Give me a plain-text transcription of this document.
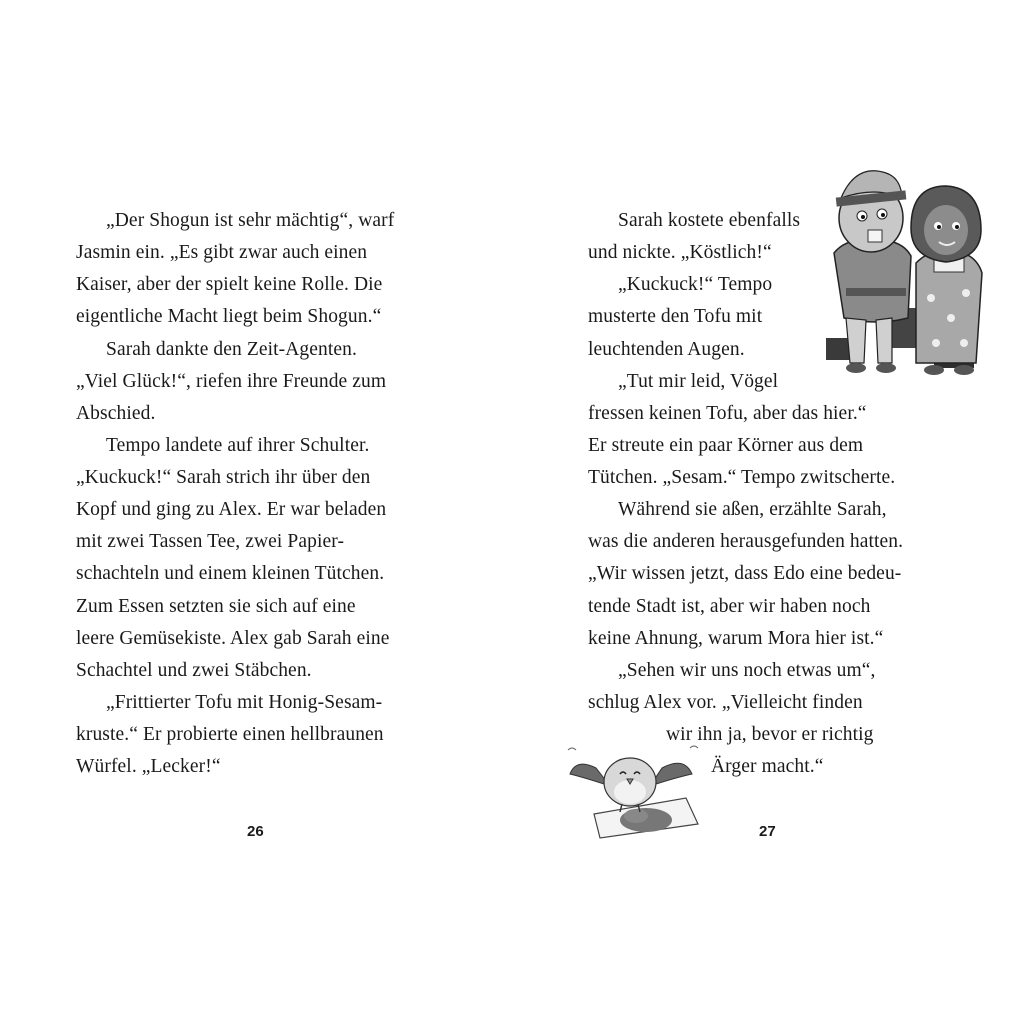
„Der Shogun ist sehr mächtig“, warf
Jasmin ein. „Es gibt zwar auch einen
Kaiser, aber der spielt keine Rolle. Die
eigentliche Macht liegt beim Shogun.“
Sarah dankte den Zeit-Agenten.
„Viel Glück!“, riefen ihre Freunde zum
Abschied.
Tempo landete auf ihrer Schulter.
„Kuckuck!“ Sarah strich ihr über den
Kopf und ging zu Alex. Er war beladen
mit zwei Tassen Tee, zwei Papier-
schachteln und einem kleinen Tütchen.
Zum Essen setzten sie sich auf eine
leere Gemüsekiste. Alex gab Sarah eine
Schachtel und zwei Stäbchen.
„Frittierter Tofu mit Honig-Sesam-
kruste.“ Er probierte einen hellbraunen
Würfel. „Lecker!“
26
Sarah kostete ebenfalls
und nickte. „Köstlich!“
„Kuckuck!“ Tempo
musterte den Tofu mit
leuchtenden Augen.
„Tut mir leid, Vögel
fressen keinen Tofu, aber das hier.“
Er streute ein paar Körner aus dem
Tütchen. „Sesam.“ Tempo zwitscherte.
Während sie aßen, erzählte Sarah,
was die anderen herausgefunden hatten.
„Wir wissen jetzt, dass Edo eine bedeu-
tende Stadt ist, aber wir haben noch
keine Ahnung, warum Mora hier ist.“
„Sehen wir uns noch etwas um“,
schlug Alex vor. „Vielleicht finden
wir ihn ja, bevor er richtig
Ärger macht.“
27
